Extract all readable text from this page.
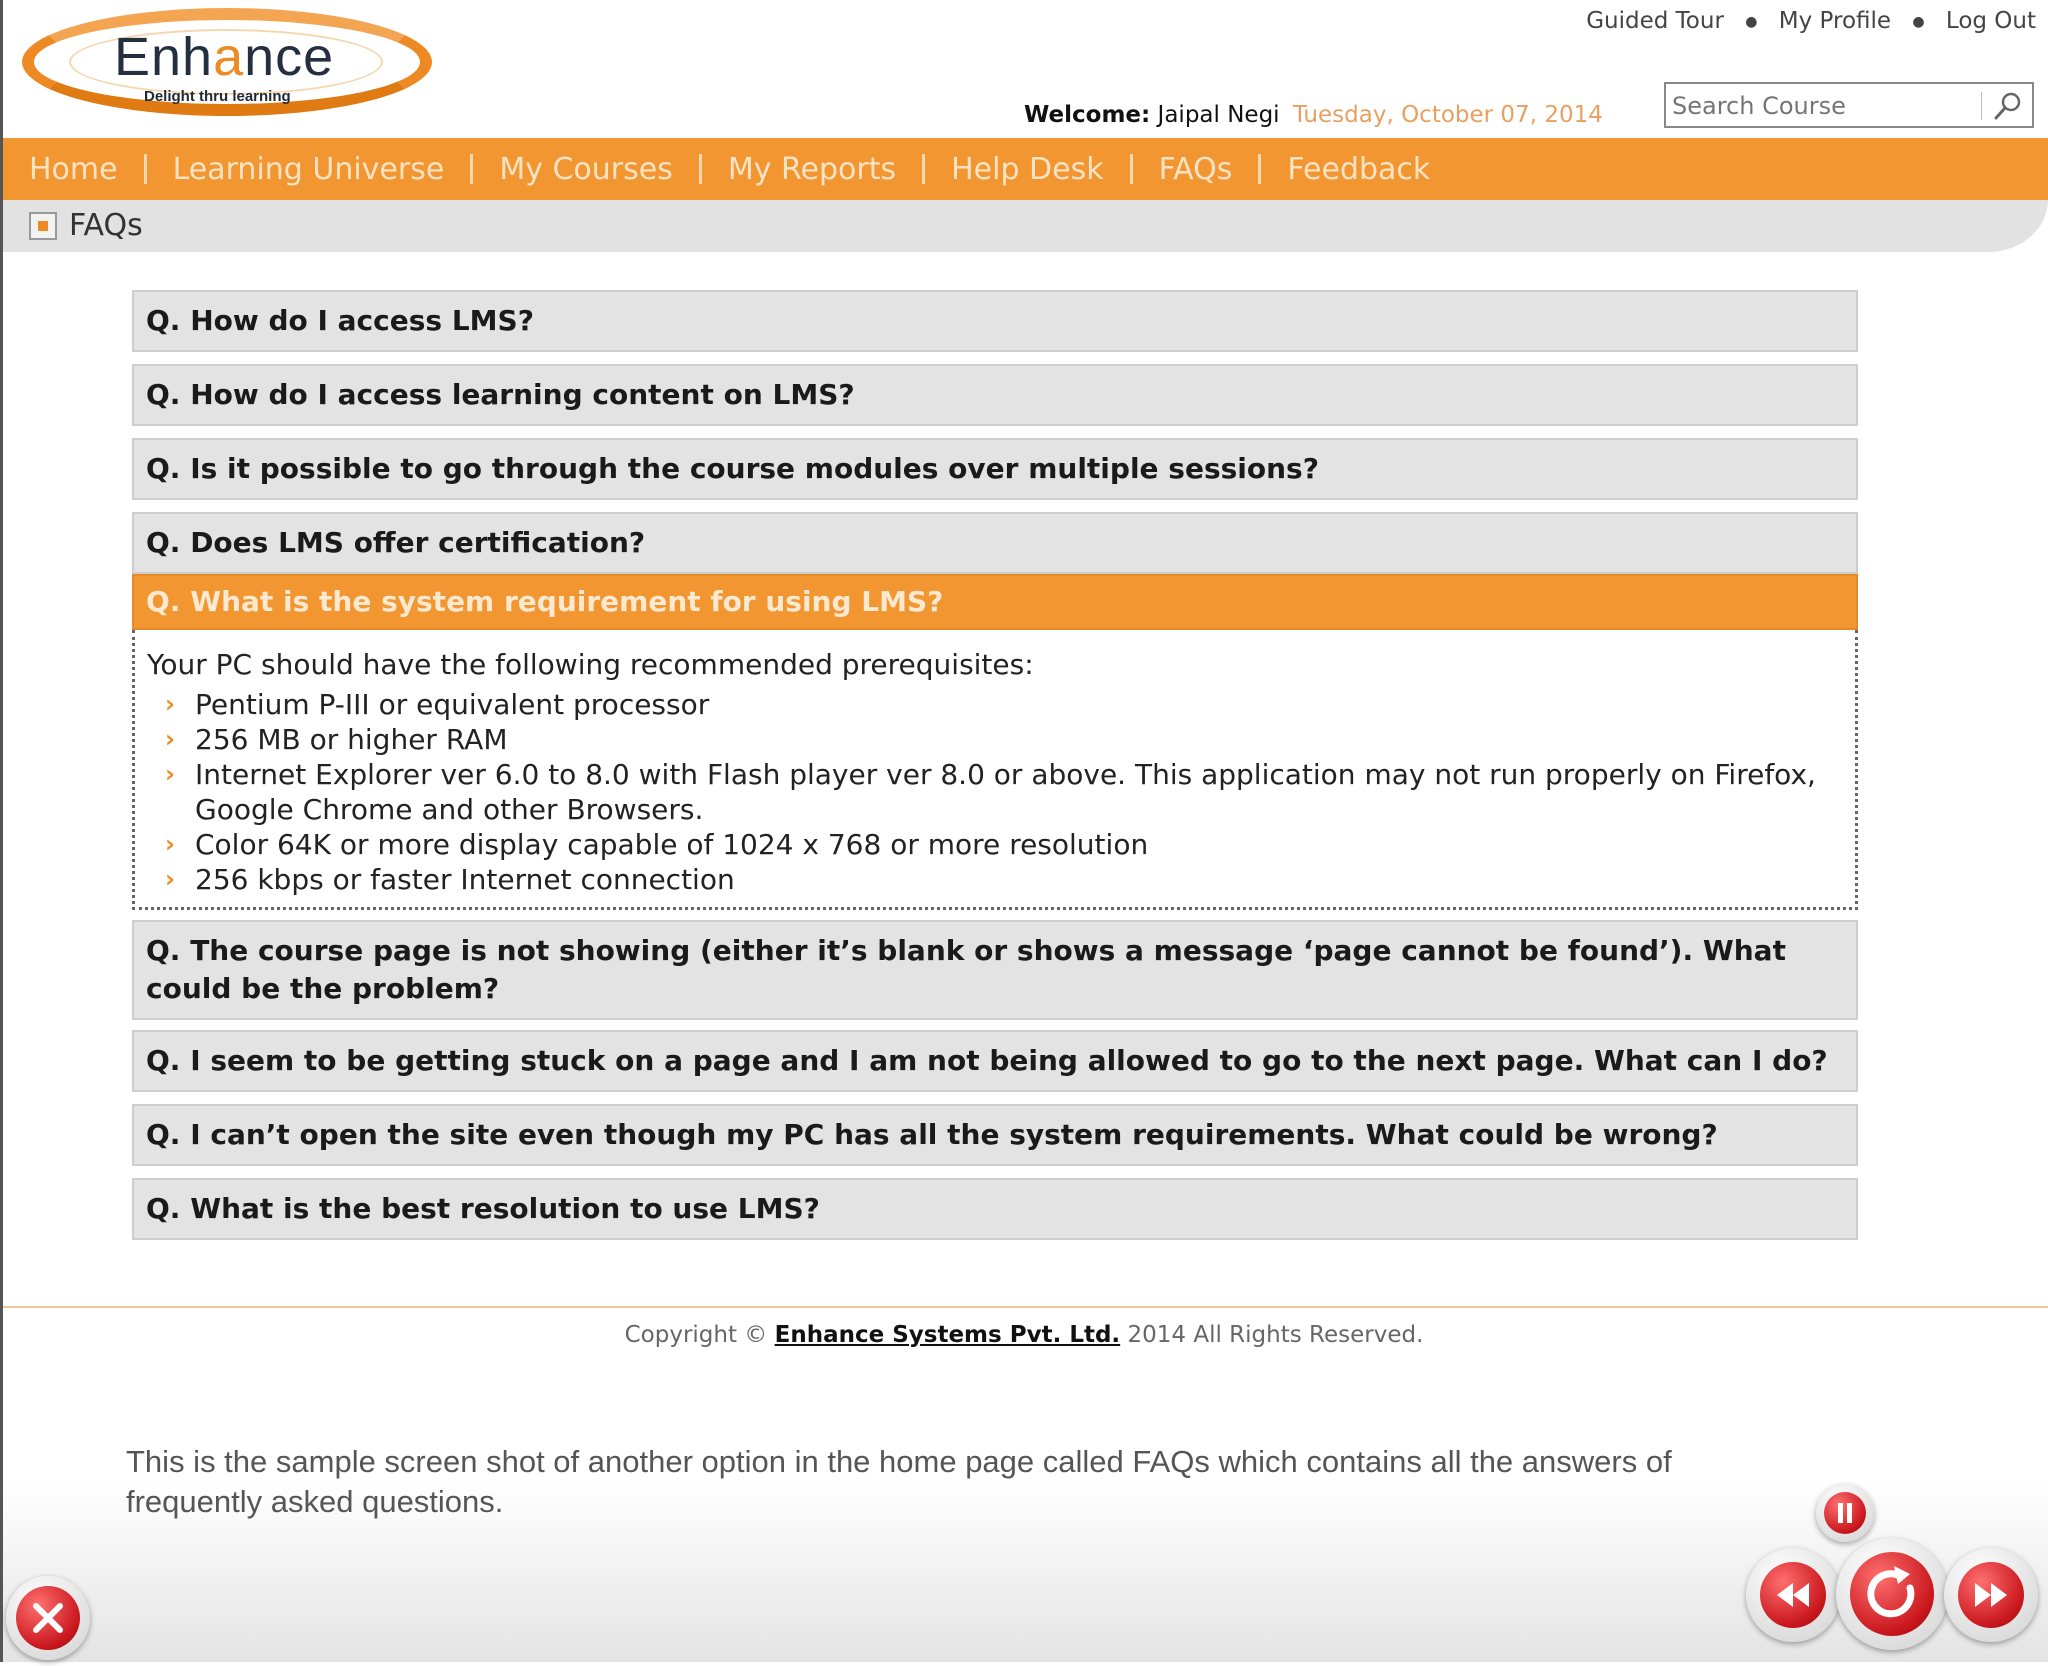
Enhance
Delight thru learning
Guided Tour ● My Profile ● Log Out
Welcome: Jaipal Negi Tuesday, October 07, 2014
Search Course
Home	Learning Universe	My Courses	My Reports	Help Desk	FAQs	Feedback
FAQs
Q. How do I access LMS?
Q. How do I access learning content on LMS?
Q. Is it possible to go through the course modules over multiple sessions?
Q. Does LMS offer certification?
Q. What is the system requirement for using LMS?
Your PC should have the following recommended prerequisites:
› Pentium P-III or equivalent processor
› 256 MB or higher RAM
› Internet Explorer ver 6.0 to 8.0 with Flash player ver 8.0 or above. This application may not run properly on Firefox, Google Chrome and other Browsers.
› Color 64K or more display capable of 1024 x 768 or more resolution
› 256 kbps or faster Internet connection
Q. The course page is not showing (either it’s blank or shows a message ‘page cannot be found’). What could be the problem?
Q. I seem to be getting stuck on a page and I am not being allowed to go to the next page. What can I do?
Q. I can’t open the site even though my PC has all the system requirements. What could be wrong?
Q. What is the best resolution to use LMS?
Copyright © Enhance Systems Pvt. Ltd. 2014 All Rights Reserved.
This is the sample screen shot of another option in the home page called FAQs which contains all the answers of frequently asked questions.
